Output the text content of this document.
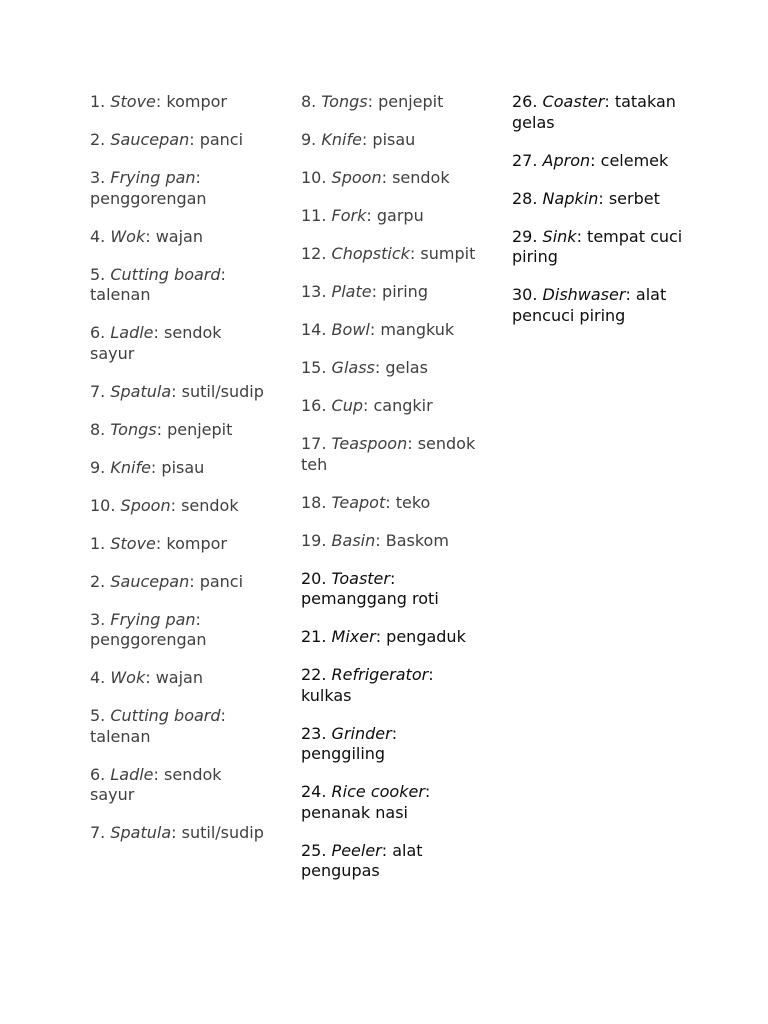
1. Stove: kompor
2. Saucepan: panci
3. Frying pan: penggorengan
4. Wok: wajan
5. Cutting board: talenan
6. Ladle: sendok sayur
7. Spatula: sutil/sudip
8. Tongs: penjepit
9. Knife: pisau
10. Spoon: sendok
1. Stove: kompor
2. Saucepan: panci
3. Frying pan: penggorengan
4. Wok: wajan
5. Cutting board: talenan
6. Ladle: sendok sayur
7. Spatula: sutil/sudip
8. Tongs: penjepit
9. Knife: pisau
10. Spoon: sendok
11. Fork: garpu
12. Chopstick: sumpit
13. Plate: piring
14. Bowl: mangkuk
15. Glass: gelas
16. Cup: cangkir
17. Teaspoon: sendok teh
18. Teapot: teko
19. Basin: Baskom
20. Toaster: pemanggang roti
21. Mixer: pengaduk
22. Refrigerator: kulkas
23. Grinder: penggiling
24. Rice cooker: penanak nasi
25. Peeler: alat pengupas
26. Coaster: tatakan gelas
27. Apron: celemek
28. Napkin: serbet
29. Sink: tempat cuci piring
30. Dishwaser: alat pencuci piring
